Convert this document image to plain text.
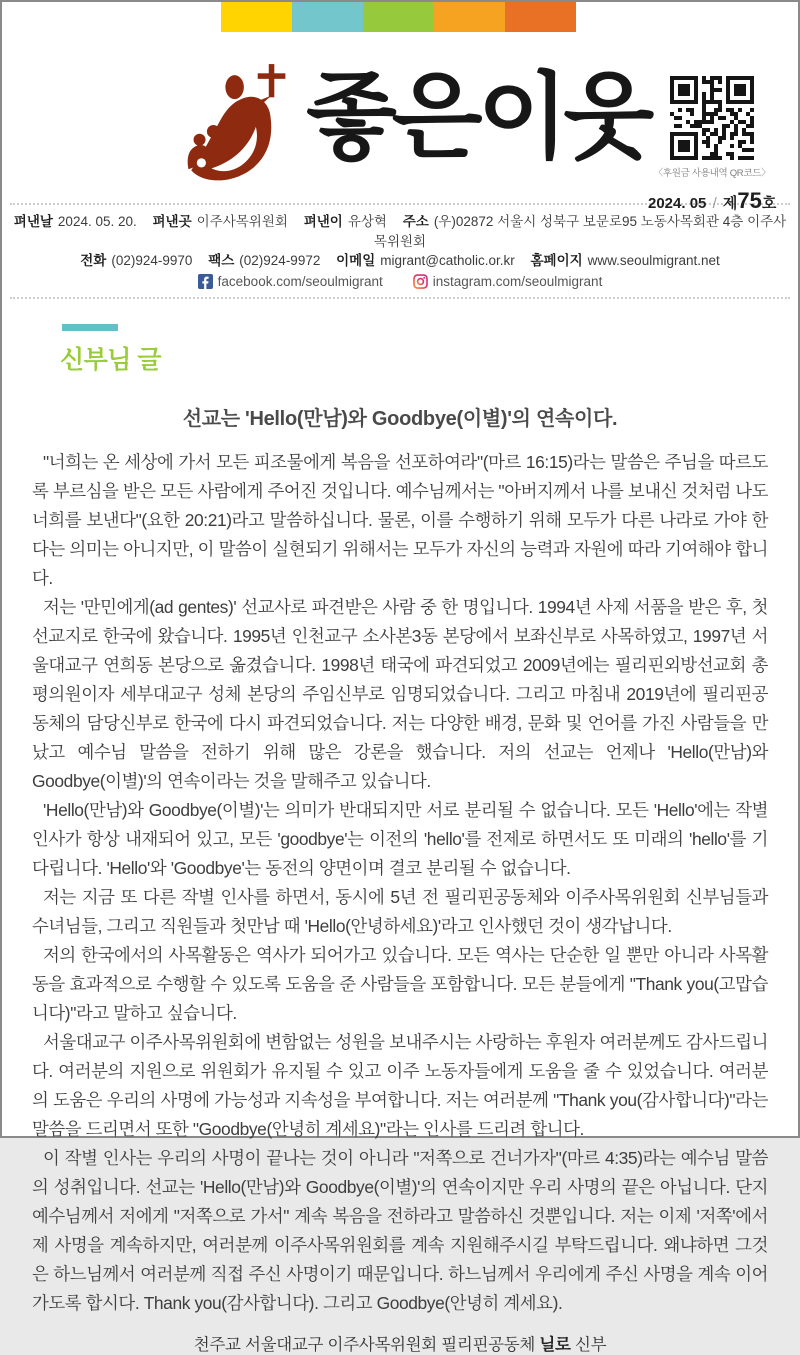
좋은이웃
〈후원금 사용내역 QR코드〉
2024. 05 / 제75호
펴낸날 2024. 05. 20. 펴낸곳 이주사목위원회 펴낸이 유상혁 주소 (우)02872 서울시 성북구 보문로95 노동사목회관 4층 이주사목위원회
전화 (02)924-9970 팩스 (02)924-9972 이메일 migrant@catholic.or.kr 홈페이지 www.seoulmigrant.net
facebook.com/seoulmigrant	instagram.com/seoulmigrant
신부님 글
선교는 'Hello(만남)와 Goodbye(이별)'의 연속이다.

"너희는 온 세상에 가서 모든 피조물에게 복음을 선포하여라"(마르 16:15)라는 말씀은 주님을 따르도록 부르심을 받은 모든 사람에게 주어진 것입니다. 예수님께서는 "아버지께서 나를 보내신 것처럼 나도 너희를 보낸다"(요한 20:21)라고 말씀하십니다. 물론, 이를 수행하기 위해 모두가 다른 나라로 가야 한다는 의미는 아니지만, 이 말씀이 실현되기 위해서는 모두가 자신의 능력과 자원에 따라 기여해야 합니다.

저는 '만민에게(ad gentes)' 선교사로 파견받은 사람 중 한 명입니다. 1994년 사제 서품을 받은 후, 첫 선교지로 한국에 왔습니다. 1995년 인천교구 소사본3동 본당에서 보좌신부로 사목하였고, 1997년 서울대교구 연희동 본당으로 옮겼습니다. 1998년 태국에 파견되었고 2009년에는 필리핀외방선교회 총평의원이자 세부대교구 성체 본당의 주임신부로 임명되었습니다. 그리고 마침내 2019년에 필리핀공동체의 담당신부로 한국에 다시 파견되었습니다. 저는 다양한 배경, 문화 및 언어를 가진 사람들을 만났고 예수님 말씀을 전하기 위해 많은 강론을 했습니다. 저의 선교는 언제나 'Hello(만남)와 Goodbye(이별)'의 연속이라는 것을 말해주고 있습니다.

'Hello(만남)와 Goodbye(이별)'는 의미가 반대되지만 서로 분리될 수 없습니다. 모든 'Hello'에는 작별 인사가 항상 내재되어 있고, 모든 'goodbye'는 이전의 'hello'를 전제로 하면서도 또 미래의 'hello'를 기다립니다. 'Hello'와 'Goodbye'는 동전의 양면이며 결코 분리될 수 없습니다.

저는 지금 또 다른 작별 인사를 하면서, 동시에 5년 전 필리핀공동체와 이주사목위원회 신부님들과 수녀님들, 그리고 직원들과 첫만남 때 'Hello(안녕하세요)'라고 인사했던 것이 생각납니다.

저의 한국에서의 사목활동은 역사가 되어가고 있습니다. 모든 역사는 단순한 일 뿐만 아니라 사목활동을 효과적으로 수행할 수 있도록 도움을 준 사람들을 포함합니다. 모든 분들에게 "Thank you(고맙습니다)"라고 말하고 싶습니다.

서울대교구 이주사목위원회에 변함없는 성원을 보내주시는 사랑하는 후원자 여러분께도 감사드립니다. 여러분의 지원으로 위원회가 유지될 수 있고 이주 노동자들에게 도움을 줄 수 있었습니다. 여러분의 도움은 우리의 사명에 가능성과 지속성을 부여합니다. 저는 여러분께 "Thank you(감사합니다)"라는 말씀을 드리면서 또한 "Goodbye(안녕히 계세요)"라는 인사를 드리려 합니다.

이 작별 인사는 우리의 사명이 끝나는 것이 아니라 "저쪽으로 건너가자"(마르 4:35)라는 예수님 말씀의 성취입니다. 선교는 'Hello(만남)와 Goodbye(이별)'의 연속이지만 우리 사명의 끝은 아닙니다. 단지 예수님께서 저에게 "저쪽으로 가서" 계속 복음을 전하라고 말씀하신 것뿐입니다. 저는 이제 '저쪽'에서 제 사명을 계속하지만, 여러분께 이주사목위원회를 계속 지원해주시길 부탁드립니다. 왜냐하면 그것은 하느님께서 여러분께 직접 주신 사명이기 때문입니다. 하느님께서 우리에게 주신 사명을 계속 이어가도록 합시다. Thank you(감사합니다). 그리고 Goodbye(안녕히 계세요).

천주교 서울대교구 이주사목위원회 필리핀공동체 닐로 신부
